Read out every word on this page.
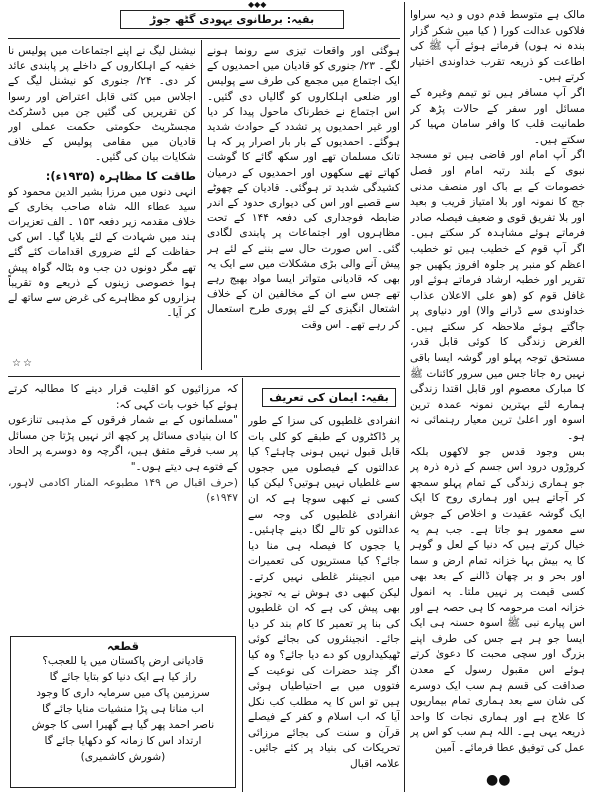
◆◆◆

مالک ہے متوسط قدم دوں و دیہ سراوا فلاکوں عدالت کورا ( کیا میں شکر گزار بندہ نہ ہوں) فرماتے ہوئے آپ ﷺ کی اطاعت کو ذریعہ تقرب خداوندی اختیار کرتے ہیں۔

اگر آپ مسافر ہیں تو تیمم وغیرہ کے مسائل اور سفر کے حالات پڑھ کر طمانیت قلب کا وافر سامان مہیا کر سکتے ہیں۔

اگر آپ امام اور قاضی ہیں تو مسجد نبوی کے بلند رتبہ امام اور فصل خصومات کے بے باک اور منصف مدنی جج کا نمونہ اور بلا امتیاز قریب و بعید اور بلا تفریق قوی و ضعیف فیصلہ صادر فرماتے ہوئے مشاہدہ کر سکتے ہیں۔ اگر آپ قوم کے خطیب ہیں تو خطیب اعظم کو منبر پر جلوہ افروز یکھیں جو تقریر اور خطبہ ارشاد فرماتے ہوئے اور غافل قوم کو (ھو علی الاعلان عذاب خداوندی سے ڈرانے والا) اور دنیاوی پر جاگتے ہوئے ملاحظہ کر سکتے ہیں۔ الغرض زندگی کا کوئی قابل قدر، مستحق توجہ پہلو اور گوشہ ایسا باقی نہیں رہ جاتا جس میں سرور کائنات ﷺ کا مبارک معصوم اور قابل اقتدا زندگی ہمارے لئے بہترین نمونہ عمدہ ترین اسوہ اور اعلیٰ ترین معیار رہنمائی نہ ہو۔

بس وجود قدس جو لاکھوں بلکہ کروڑوں درود اس جسم کے ذرہ ذرہ پر جو ہماری زندگی کے تمام پہلو سمجھ کر آجاتے ہیں اور ہماری روح کا ایک ایک گوشہ عقیدت و اخلاص کے جوش سے معمور ہو جاتا ہے۔ جب ہم یہ خیال کرتے ہیں کہ دنیا کے لعل و گوہر کا یہ بیش بہا خزانہ تمام ارض و سما اور بحر و بر چھان ڈالنے کے بعد بھی کسی قیمت پر نہیں ملتا۔ یہ انمول خزانہ امت مرحومہ کا ہی حصہ ہے اور اس پیارے نبی ﷺ اسوہ حسنہ ہی ایک ایسا جو ہر ہے جس کی طرف اپنے بزرگ اور سچی محبت کا دعویٰ کرتے ہوئے اس مقبول رسول کے معدن صداقت کی قسم ہم سب ایک دوسرے کی شان سے بعد ہماری تمام بیماریوں کا علاج ہے اور ہماری نجات کا واحد ذریعہ یہی ہے۔ اللہ ہم سب کو اس پر عمل کی توفیق عطا فرمائے۔ آمین

بقیہ: برطانوی یہودی گٹھ جوڑ

ہوگئی اور واقعات تیزی سے رونما ہونے لگے۔ ۲۳/ جنوری کو قادیان میں احمدیوں کے ایک اجتماع میں مجمع کی طرف سے پولیس اور ضلعی اہلکاروں کو گالیاں دی گئیں۔ اس اجتماع نے خطرناک ماحول پیدا کر دیا اور غیر احمدیوں پر تشدد کے حوادث شدید ہوگئے۔ احمدیوں کے بار بار اصرار پر کہ ہا تانک مسلمان تھے اور سکھ گائے کا گوشت کھاتے تھے سکھوں اور احمدیوں کے درمیان کشیدگی شدید تر ہوگئی۔ قادیان کے چھوٹے سے قصبے اور اس کی دیواری حدود کے اندر ضابطہ فوجداری کی دفعہ ۱۴۴ کے تحت مظاہروں اور اجتماعات پر پابندی لگادی گئی۔ اس صورت حال سے بننے کے لئے ہر پیش آنے والی بڑی مشکلات میں سے ایک یہ بھی کہ قادیانی متواتر ایسا مواد بھیج رہے تھے جس سے ان کے مخالفین ان کے خلاف اشتعال انگیزی کے لئے پوری طرح استعمال کر رہے تھے۔ اس وقت

نیشنل لیگ نے اپنے اجتماعات میں پولیس نا خفیہ کے اہلکاروں کے داخلے پر پابندی عائد کر دی۔ ۲۴/ جنوری کو نیشنل لیگ کے اجلاس میں کئی قابل اعتراض اور رسوا کن تقریریں کی گئیں جن میں ڈسٹرکٹ مجسٹریٹ حکومتی حکمت عملی اور قادیان میں مقامی پولیس کے خلاف شکایات بیان کی گئیں۔

طاقت کا مظاہرہ (۱۹۳۵ء):

انہی دنوں میں مرزا بشیر الدین محمود کو سید عطاء اللہ شاہ صاحب بخاری کے خلاف مقدمہ زیر دفعہ ۱۵۳ ۔ الف تعزیرات ہند میں شہادت کے لئے بلایا گیا۔ اس کی حفاظت کے لئے ضروری اقدامات کئے گئے تھے مگر دونوں دن جب وہ بٹالہ گواہ پیش ہوا خصوصی زینوں کے ذریعے وہ تقریباً ہزاروں کو مظاہرے کی غرض سے ساتھ لے کر آیا۔

☆☆

کہ مرزائیوں کو اقلیت قرار دینے کا مطالبہ کرتے ہوئے کیا خوب بات کہی کہ:

"مسلمانوں کے بے شمار فرقوں کے مذہبی تنازعوں کا ان بنیادی مسائل پر کچھ اثر نہیں پڑتا جن مسائل پر سب فرقے متفق ہیں، اگرچہ وہ دوسرے پر الحاد کے فتوے ہی دیتے ہوں۔"

(حرف اقبال ص ۱۴۹ مطبوعہ المنار اکادمی لاہور، ۱۹۴۷ء)

قطعہ

قادیانی ارض پاکستان میں یا للعجب؟

راز کیا ہے ایک دنیا کو بتایا جائے گا

سرزمین پاک میں سرمایہ داری کا وجود

اب منانا ہی پڑا منشیات منایا جائے گا

ناصر احمد پھر گیا ہے گھیرا اسی کا جوش

ارتداد اس کا زمانہ کو دکھایا جائے گا

(شورش کاشمیری)

بقیہ: ایمان کی تعریف

انفرادی غلطیوں کی سزا کے طور پر ڈاکٹروں کے طبقے کو کلی بات قابل قبول نہیں ہونی چاہئے؟ کیا عدالتوں کے فیصلوں میں ججوں سے غلطیاں نہیں ہوتیں؟ لیکن کیا کسی نے کبھی سوچا ہے کہ ان انفرادی غلطیوں کی وجہ سے عدالتوں کو تالے لگا دینے چاہئیں۔ یا ججوں کا فیصلہ ہی منا دیا جائے؟ کیا مستریوں کی تعمیرات میں انجینئر غلطی نہیں کرتے۔ لیکن کبھی دی ہوش نے یہ تجویز بھی پیش کی ہے کہ ان غلطیوں کی بنا پر تعمیر کا کام بند کر دیا جائے۔ انجینئروں کی بجائے کوئی ٹھیکیداروں کو دے دیا جائے؟ وہ کیا اگر چند حضرات کی نوعیت کے فتووں میں بے احتیاطیاں ہوئی ہیں تو اس کا یہ مطلب کب نکل آیا کہ اب اسلام و کفر کے فیصلے قرآن و سنت کی بجائے مرزائی تحریکات کی بنیاد پر کئے جائیں۔ علامہ اقبال

●●
